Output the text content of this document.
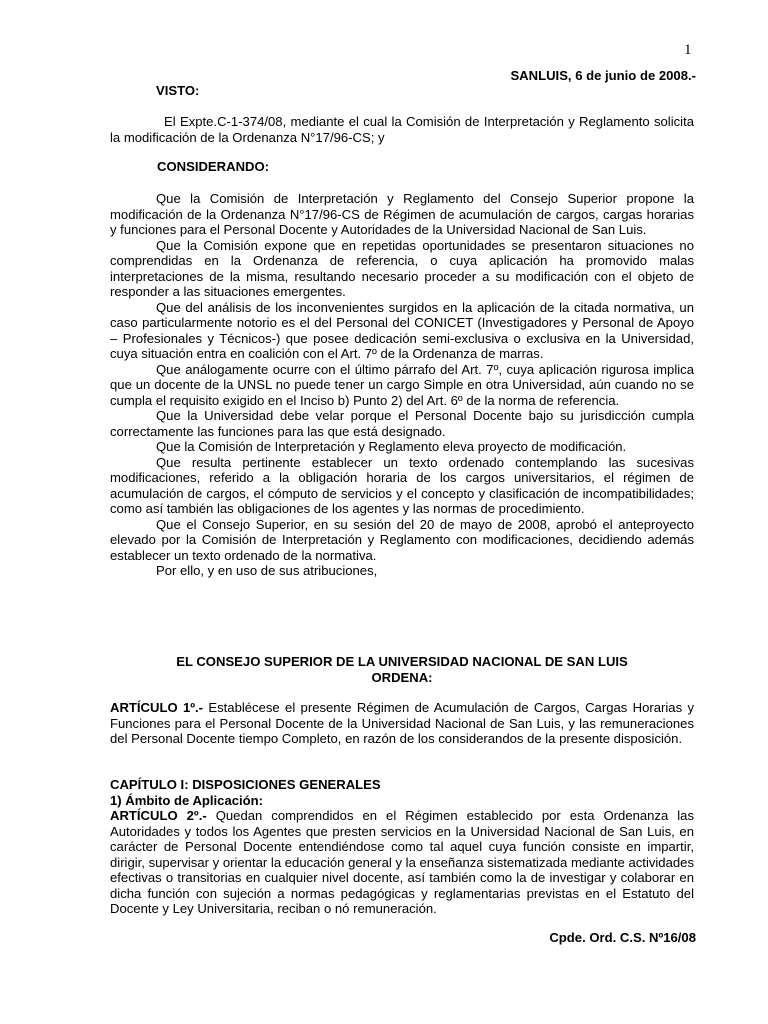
1
SANLUIS, 6 de junio de 2008.-
VISTO:

El Expte.C-1-374/08, mediante el cual la Comisión de Interpretación y Reglamento solicita la modificación de la Ordenanza N°17/96-CS; y

CONSIDERANDO:

Que la Comisión de Interpretación y Reglamento del Consejo Superior propone la modificación de la Ordenanza N°17/96-CS de Régimen de acumulación de cargos, cargas horarias y funciones para el Personal Docente y Autoridades de la Universidad Nacional de San Luis.

Que la Comisión expone que en repetidas oportunidades se presentaron situaciones no comprendidas en la Ordenanza de referencia, o cuya aplicación ha promovido malas interpretaciones de la misma, resultando necesario proceder a su modificación con el objeto de responder a las situaciones emergentes.

Que del análisis de los inconvenientes surgidos en la aplicación de la citada normativa, un caso particularmente notorio es el del Personal del CONICET (Investigadores y Personal de Apoyo – Profesionales y Técnicos-) que posee dedicación semi-exclusiva o exclusiva en la Universidad, cuya situación entra en coalición con el Art. 7º de la Ordenanza de marras.

Que análogamente ocurre con el último párrafo del Art. 7º, cuya aplicación rigurosa implica que un docente de la UNSL no puede tener un cargo Simple en otra Universidad, aún cuando no se cumpla el requisito exigido en el Inciso b) Punto 2) del Art. 6º de la norma de referencia.

Que la Universidad debe velar porque el Personal Docente bajo su jurisdicción cumpla correctamente las funciones para las que está designado.

Que la Comisión de Interpretación y Reglamento eleva proyecto de modificación.

Que resulta pertinente establecer un texto ordenado contemplando las sucesivas modificaciones, referido a la obligación horaria de los cargos universitarios, el régimen de acumulación de cargos, el cómputo de servicios y el concepto y clasificación de incompatibilidades; como así también las obligaciones de los agentes y las normas de procedimiento.

Que el Consejo Superior, en su sesión del 20 de mayo de 2008, aprobó el anteproyecto elevado por la Comisión de Interpretación y Reglamento con modificaciones, decidiendo además establecer un texto ordenado de la normativa.

Por ello, y en uso de sus atribuciones,

EL CONSEJO SUPERIOR DE LA UNIVERSIDAD NACIONAL DE SAN LUIS
ORDENA:

ARTÍCULO 1º.- Establécese el presente Régimen de Acumulación de Cargos, Cargas Horarias y Funciones para el Personal Docente de la Universidad Nacional de San Luis, y las remuneraciones del Personal Docente tiempo Completo, en razón de los considerandos de la presente disposición.

CAPÍTULO I: DISPOSICIONES GENERALES
1) Ámbito de Aplicación:

ARTÍCULO 2º.- Quedan comprendidos en el Régimen establecido por esta Ordenanza las Autoridades y todos los Agentes que presten servicios en la Universidad Nacional de San Luis, en carácter de Personal Docente entendiéndose como tal aquel cuya función consiste en impartir, dirigir, supervisar y orientar la educación general y la enseñanza sistematizada mediante actividades efectivas o transitorias en cualquier nivel docente, así también como la de investigar y colaborar en dicha función con sujeción a normas pedagógicas y reglamentarias previstas en el Estatuto del Docente y Ley Universitaria, reciban o nó remuneración.

Cpde. Ord. C.S. Nº16/08
